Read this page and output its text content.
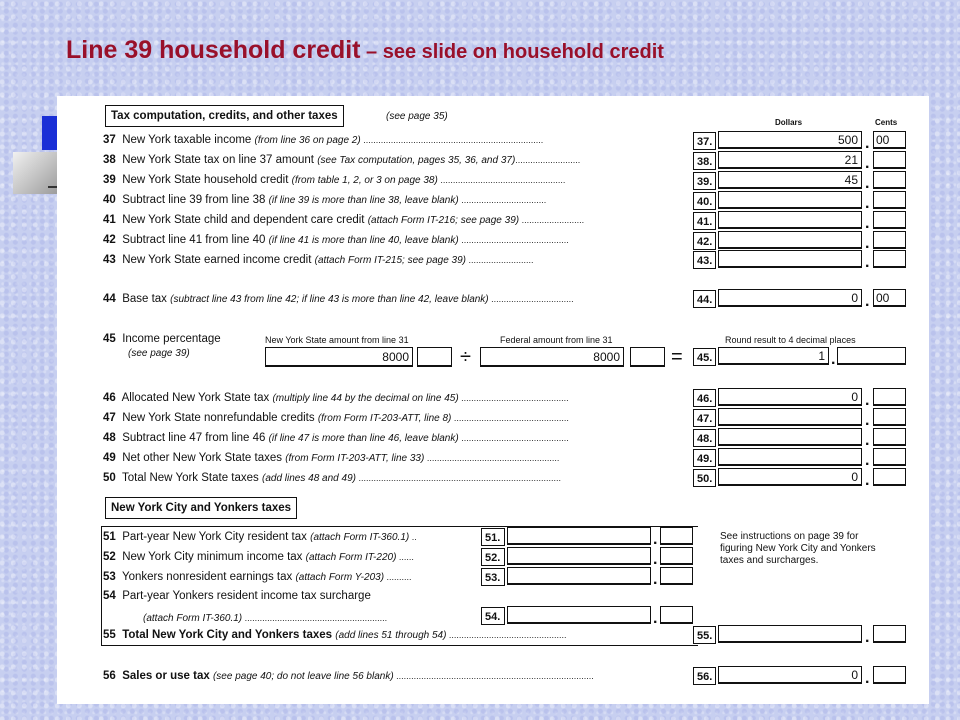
Line 39 household credit – see slide on household credit
Tax computation, credits, and other taxes	(see page 35)
Dollars	Cents
37 New York taxable income (from line 36 on page 2) ........................................................................	37.	500 . 00
38 New York State tax on line 37 amount (see Tax computation, pages 35, 36, and 37)..........................	38.	21 .
39 New York State household credit (from table 1, 2, or 3 on page 38) ..................................................	39.	45 .
40 Subtract line 39 from line 38 (if line 39 is more than line 38, leave blank) ..................................	40.	.
41 New York State child and dependent care credit (attach Form IT-216; see page 39) .........................	41.	.
42 Subtract line 41 from line 40 (if line 41 is more than line 40, leave blank) ...........................................	42.	.
43 New York State earned income credit (attach Form IT-215; see page 39) ..........................	43.	.
44 Base tax (subtract line 43 from line 42; if line 43 is more than line 42, leave blank) .................................	44.	0 . 00
45 Income percentage
(see page 39)
New York State amount from line 31	Federal amount from line 31	Round result to 4 decimal places
8000	÷	8000	=	45.	1 .
46 Allocated New York State tax (multiply line 44 by the decimal on line 45) ...........................................	46.	0 .
47 New York State nonrefundable credits (from Form IT-203-ATT, line 8) ..............................................	47.	.
48 Subtract line 47 from line 46 (if line 47 is more than line 46, leave blank) ...........................................	48.	.
49 Net other New York State taxes (from Form IT-203-ATT, line 33) .....................................................	49.	.
50 Total New York State taxes (add lines 48 and 49) .................................................................................	50.	0 .
New York City and Yonkers taxes
51 Part-year New York City resident tax (attach Form IT-360.1) ..	51.	.
52 New York City minimum income tax (attach Form IT-220) ......	52.	.
53 Yonkers nonresident earnings tax (attach Form Y-203) ..........	53.	.
54 Part-year Yonkers resident income tax surcharge
(attach Form IT-360.1) .........................................................	54.	.
See instructions on page 39 for
figuring New York City and Yonkers
taxes and surcharges.
55 Total New York City and Yonkers taxes (add lines 51 through 54) ...............................................	55.	.
56 Sales or use tax (see page 40; do not leave line 56 blank) ...............................................................................	56.	0 .
